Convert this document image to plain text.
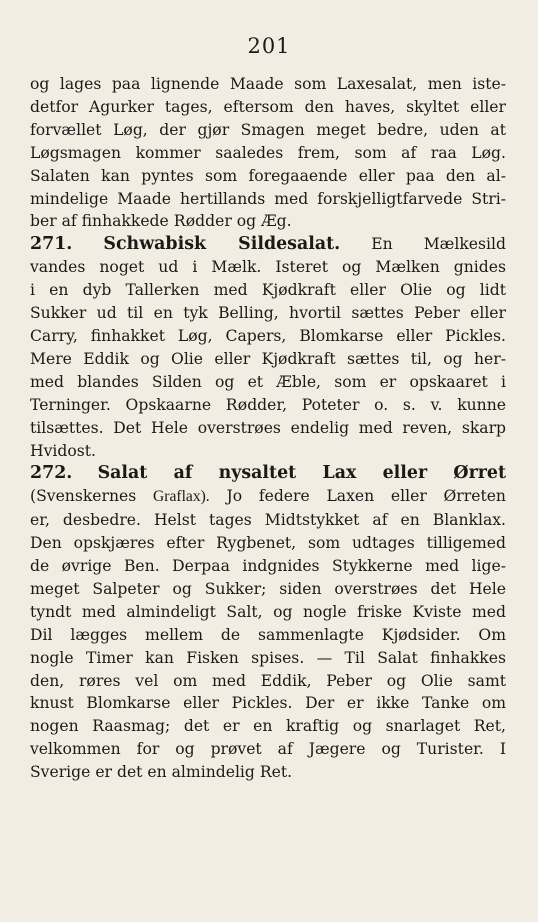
201
og lages paa lignende Maade som Laxesalat, men iste-
detfor Agurker tages, eftersom den haves, skyltet eller
forvællet Løg, der gjør Smagen meget bedre, uden at
Løgsmagen kommer saaledes frem, som af raa Løg.
Salaten kan pyntes som foregaaende eller paa den al-
mindelige Maade hertillands med forskjelligtfarvede Stri-
ber af finhakkede Rødder og Æg.
271. Schwabisk Sildesalat. En Mælkesild
vandes noget ud i Mælk. Isteret og Mælken gnides
i en dyb Tallerken med Kjødkraft eller Olie og lidt
Sukker ud til en tyk Belling, hvortil sættes Peber eller
Carry, finhakket Løg, Capers, Blomkarse eller Pickles.
Mere Eddik og Olie eller Kjødkraft sættes til, og her-
med blandes Silden og et Æble, som er opskaaret i
Terninger. Opskaarne Rødder, Poteter o. s. v. kunne
tilsættes. Det Hele overstrøes endelig med reven, skarp
Hvidost.
272. Salat af nysaltet Lax eller Ørret
(Svenskernes Graflax). Jo federe Laxen eller Ørreten
er, desbedre. Helst tages Midtstykket af en Blanklax.
Den opskjæres efter Rygbenet, som udtages tilligemed
de øvrige Ben. Derpaa indgnides Stykkerne med lige-
meget Salpeter og Sukker; siden overstrøes det Hele
tyndt med almindeligt Salt, og nogle friske Kviste med
Dil lægges mellem de sammenlagte Kjødsider. Om
nogle Timer kan Fisken spises. — Til Salat finhakkes
den, røres vel om med Eddik, Peber og Olie samt
knust Blomkarse eller Pickles. Der er ikke Tanke om
nogen Raasmag; det er en kraftig og snarlaget Ret,
velkommen for og prøvet af Jægere og Turister. I
Sverige er det en almindelig Ret.
